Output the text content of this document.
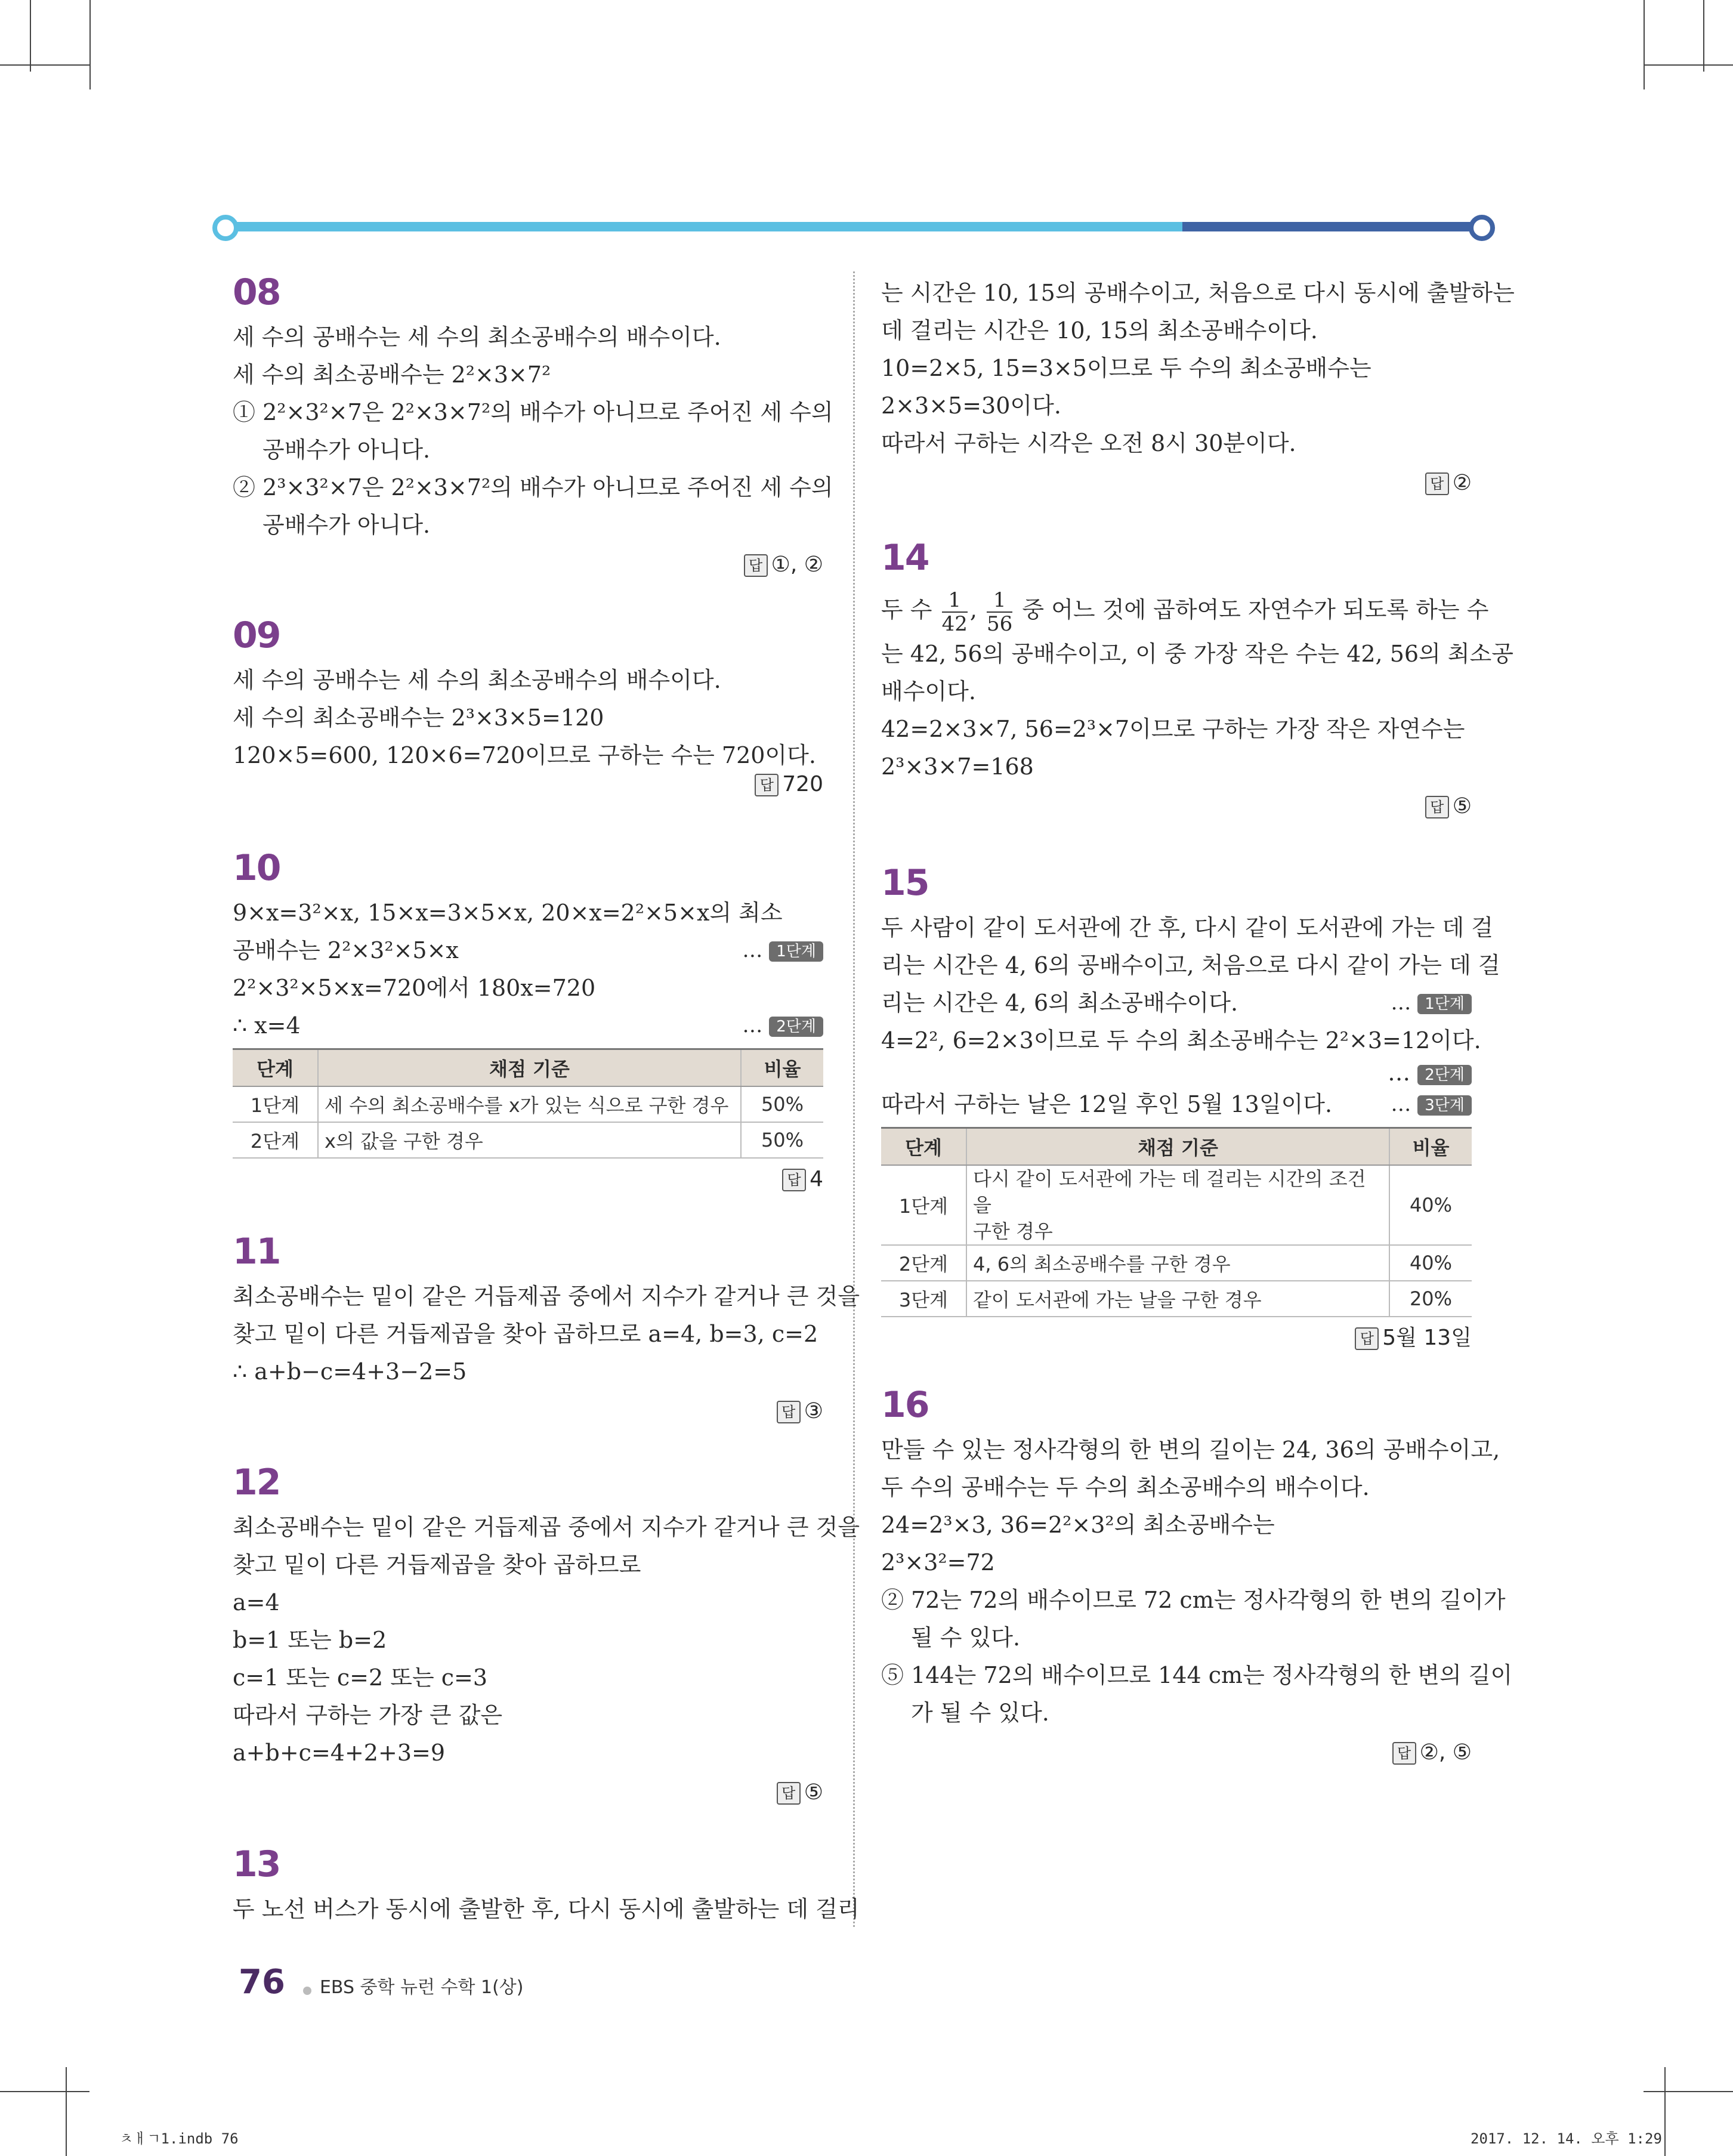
08
세 수의 공배수는 세 수의 최소공배수의 배수이다.
세 수의 최소공배수는 2²×3×7²
① 2²×3²×7은 2²×3×7²의 배수가 아니므로 주어진 세 수의
공배수가 아니다.
② 2³×3²×7은 2²×3×7²의 배수가 아니므로 주어진 세 수의
공배수가 아니다.
답 ①, ②
09
세 수의 공배수는 세 수의 최소공배수의 배수이다.
세 수의 최소공배수는 2³×3×5=120
120×5=600, 120×6=720이므로 구하는 수는 720이다.
답 720
10
9×x=3²×x, 15×x=3×5×x, 20×x=2²×5×x의 최소
공배수는 2²×3²×5×x	… 1단계
2²×3²×5×x=720에서 180x=720
∴ x=4	… 2단계
단계	채점 기준	비율
1단계	세 수의 최소공배수를 x가 있는 식으로 구한 경우	50%
2단계	x의 값을 구한 경우	50%
답 4
11
최소공배수는 밑이 같은 거듭제곱 중에서 지수가 같거나 큰 것을
찾고 밑이 다른 거듭제곱을 찾아 곱하므로 a=4, b=3, c=2
∴ a+b−c=4+3−2=5
답 ③
12
최소공배수는 밑이 같은 거듭제곱 중에서 지수가 같거나 큰 것을
찾고 밑이 다른 거듭제곱을 찾아 곱하므로
a=4
b=1 또는 b=2
c=1 또는 c=2 또는 c=3
따라서 구하는 가장 큰 값은
a+b+c=4+2+3=9
답 ⑤
13
두 노선 버스가 동시에 출발한 후, 다시 동시에 출발하는 데 걸리
는 시간은 10, 15의 공배수이고, 처음으로 다시 동시에 출발하는
데 걸리는 시간은 10, 15의 최소공배수이다.
10=2×5, 15=3×5이므로 두 수의 최소공배수는
2×3×5=30이다.
따라서 구하는 시각은 오전 8시 30분이다.
답 ②
14
두 수 $\frac{1}{42}$ , $\frac{1}{56}$ 중 어느 것에 곱하여도 자연수가 되도록 하는 수
는 42, 56의 공배수이고, 이 중 가장 작은 수는 42, 56의 최소공
배수이다.
42=2×3×7, 56=2³×7이므로 구하는 가장 작은 자연수는
2³×3×7=168
답 ⑤
15
두 사람이 같이 도서관에 간 후, 다시 같이 도서관에 가는 데 걸
리는 시간은 4, 6의 공배수이고, 처음으로 다시 같이 가는 데 걸
리는 시간은 4, 6의 최소공배수이다.	… 1단계
4=2², 6=2×3이므로 두 수의 최소공배수는 2²×3=12이다.
… 2단계
따라서 구하는 날은 12일 후인 5월 13일이다.	… 3단계
단계	채점 기준	비율
1단계	다시 같이 도서관에 가는 데 걸리는 시간의 조건을
구한 경우	40%
2단계	4, 6의 최소공배수를 구한 경우	40%
3단계	같이 도서관에 가는 날을 구한 경우	20%
답 5월 13일
16
만들 수 있는 정사각형의 한 변의 길이는 24, 36의 공배수이고,
두 수의 공배수는 두 수의 최소공배수의 배수이다.
24=2³×3, 36=2²×3²의 최소공배수는
2³×3²=72
② 72는 72의 배수이므로 72 cm는 정사각형의 한 변의 길이가
될 수 있다.
⑤ 144는 72의 배수이므로 144 cm는 정사각형의 한 변의 길이
가 될 수 있다.
답 ②, ⑤
76 EBS 중학 뉴런 수학 1(상)
ㅊㅐㄱ1.indb 76	2017. 12. 14. 오후 1:29
